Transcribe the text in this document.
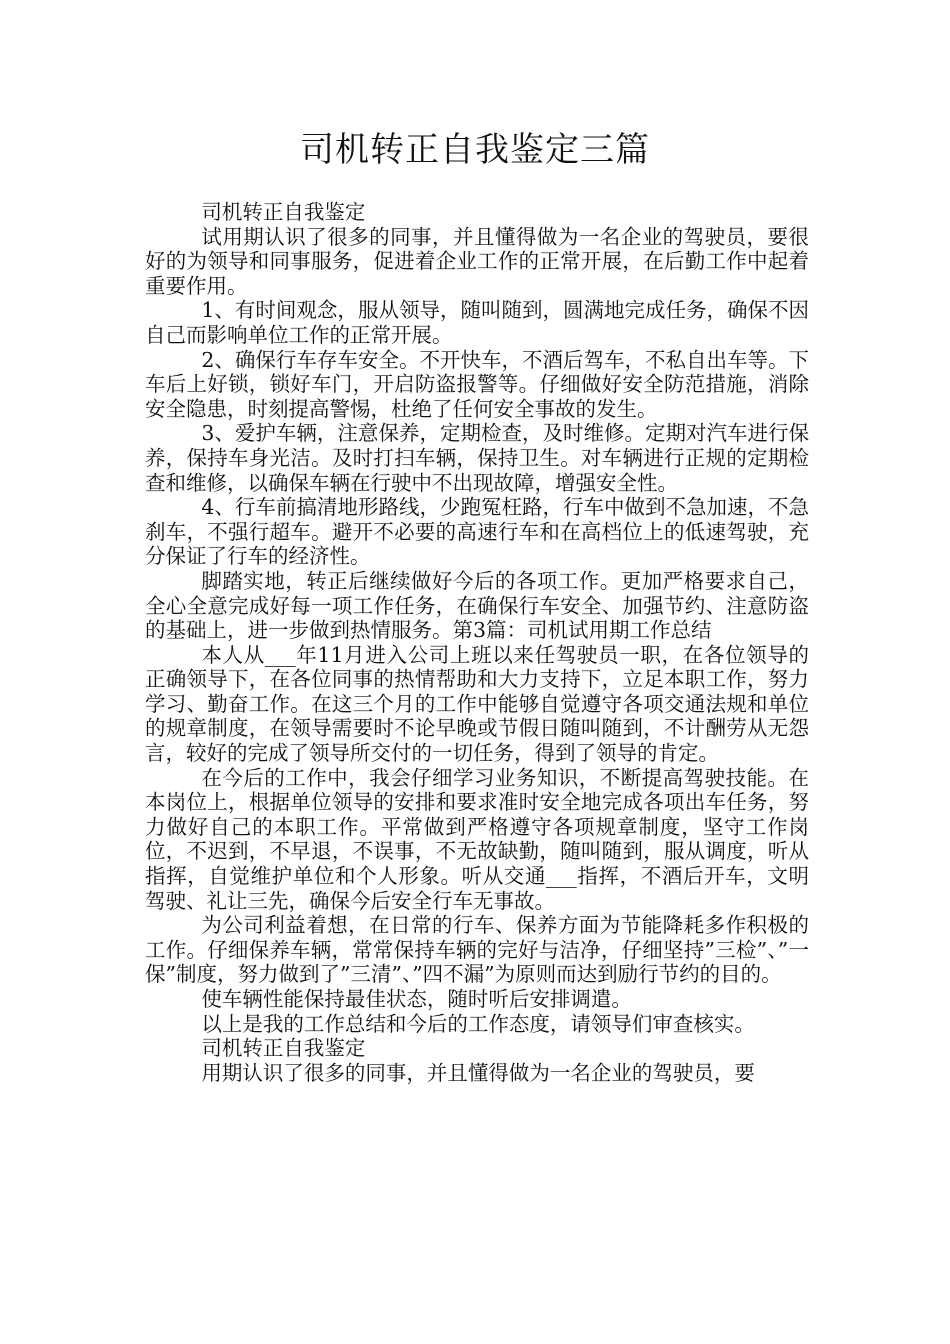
司机转正自我鉴定三篇

司机转正自我鉴定

试用期认识了很多的同事，并且懂得做为一名企业的驾驶员，要很好的为领导和同事服务，促进着企业工作的正常开展，在后勤工作中起着重要作用。

1、有时间观念，服从领导，随叫随到，圆满地完成任务，确保不因自己而影响单位工作的正常开展。

2、确保行车存车安全。不开快车，不酒后驾车，不私自出车等。下车后上好锁，锁好车门，开启防盗报警等。仔细做好安全防范措施，消除安全隐患，时刻提高警惕，杜绝了任何安全事故的发生。

3、爱护车辆，注意保养，定期检查，及时维修。定期对汽车进行保养，保持车身光洁。及时打扫车辆，保持卫生。对车辆进行正规的定期检查和维修，以确保车辆在行驶中不出现故障，增强安全性。

4、行车前搞清地形路线，少跑冤枉路，行车中做到不急加速，不急刹车，不强行超车。避开不必要的高速行车和在高档位上的低速驾驶，充分保证了行车的经济性。

脚踏实地，转正后继续做好今后的各项工作。更加严格要求自己，全心全意完成好每一项工作任务，在确保行车安全、加强节约、注意防盗的基础上，进一步做到热情服务。第3篇：司机试用期工作总结

本人从___年11月进入公司上班以来任驾驶员一职，在各位领导的正确领导下，在各位同事的热情帮助和大力支持下，立足本职工作，努力学习、勤奋工作。在这三个月的工作中能够自觉遵守各项交通法规和单位的规章制度，在领导需要时不论早晚或节假日随叫随到，不计酬劳从无怨言，较好的完成了领导所交付的一切任务，得到了领导的肯定。

在今后的工作中，我会仔细学习业务知识，不断提高驾驶技能。在本岗位上，根据单位领导的安排和要求准时安全地完成各项出车任务，努力做好自己的本职工作。平常做到严格遵守各项规章制度，坚守工作岗位，不迟到，不早退，不误事，不无故缺勤，随叫随到，服从调度，听从指挥，自觉维护单位和个人形象。听从交通___指挥，不酒后开车，文明驾驶、礼让三先，确保今后安全行车无事故。

为公司利益着想，在日常的行车、保养方面为节能降耗多作积极的工作。仔细保养车辆，常常保持车辆的完好与洁净，仔细坚持”三检”、”一保”制度，努力做到了”三清”、”四不漏”为原则而达到励行节约的目的。

使车辆性能保持最佳状态，随时听后安排调遣。

以上是我的工作总结和今后的工作态度，请领导们审查核实。

司机转正自我鉴定

用期认识了很多的同事，并且懂得做为一名企业的驾驶员，要
